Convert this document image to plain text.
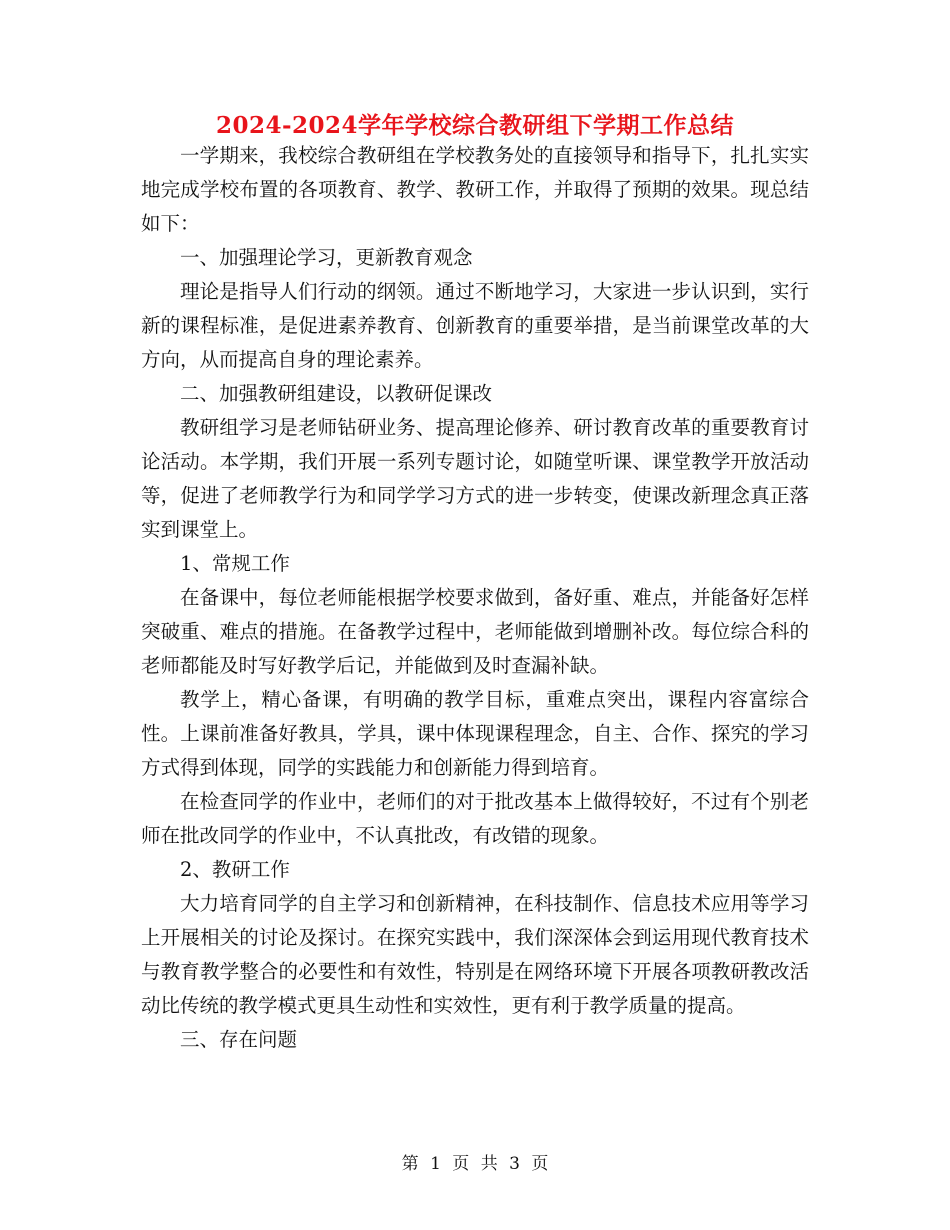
2024-2024学年学校综合教研组下学期工作总结

一学期来，我校综合教研组在学校教务处的直接领导和指导下，扎扎实实地完成学校布置的各项教育、教学、教研工作，并取得了预期的效果。现总结如下：

一、加强理论学习，更新教育观念

理论是指导人们行动的纲领。通过不断地学习，大家进一步认识到，实行新的课程标准，是促进素养教育、创新教育的重要举措，是当前课堂改革的大方向，从而提高自身的理论素养。

二、加强教研组建设，以教研促课改

教研组学习是老师钻研业务、提高理论修养、研讨教育改革的重要教育讨论活动。本学期，我们开展一系列专题讨论，如随堂听课、课堂教学开放活动等，促进了老师教学行为和同学学习方式的进一步转变，使课改新理念真正落实到课堂上。

1、常规工作

在备课中，每位老师能根据学校要求做到，备好重、难点，并能备好怎样突破重、难点的措施。在备教学过程中，老师能做到增删补改。每位综合科的老师都能及时写好教学后记，并能做到及时查漏补缺。

教学上，精心备课，有明确的教学目标，重难点突出，课程内容富综合性。上课前准备好教具，学具，课中体现课程理念，自主、合作、探究的学习方式得到体现，同学的实践能力和创新能力得到培育。

在检查同学的作业中，老师们的对于批改基本上做得较好，不过有个别老师在批改同学的作业中，不认真批改，有改错的现象。

2、教研工作

大力培育同学的自主学习和创新精神，在科技制作、信息技术应用等学习上开展相关的讨论及探讨。在探究实践中，我们深深体会到运用现代教育技术与教育教学整合的必要性和有效性，特别是在网络环境下开展各项教研教改活动比传统的教学模式更具生动性和实效性，更有利于教学质量的提高。

三、存在问题

第 1 页 共 3 页
